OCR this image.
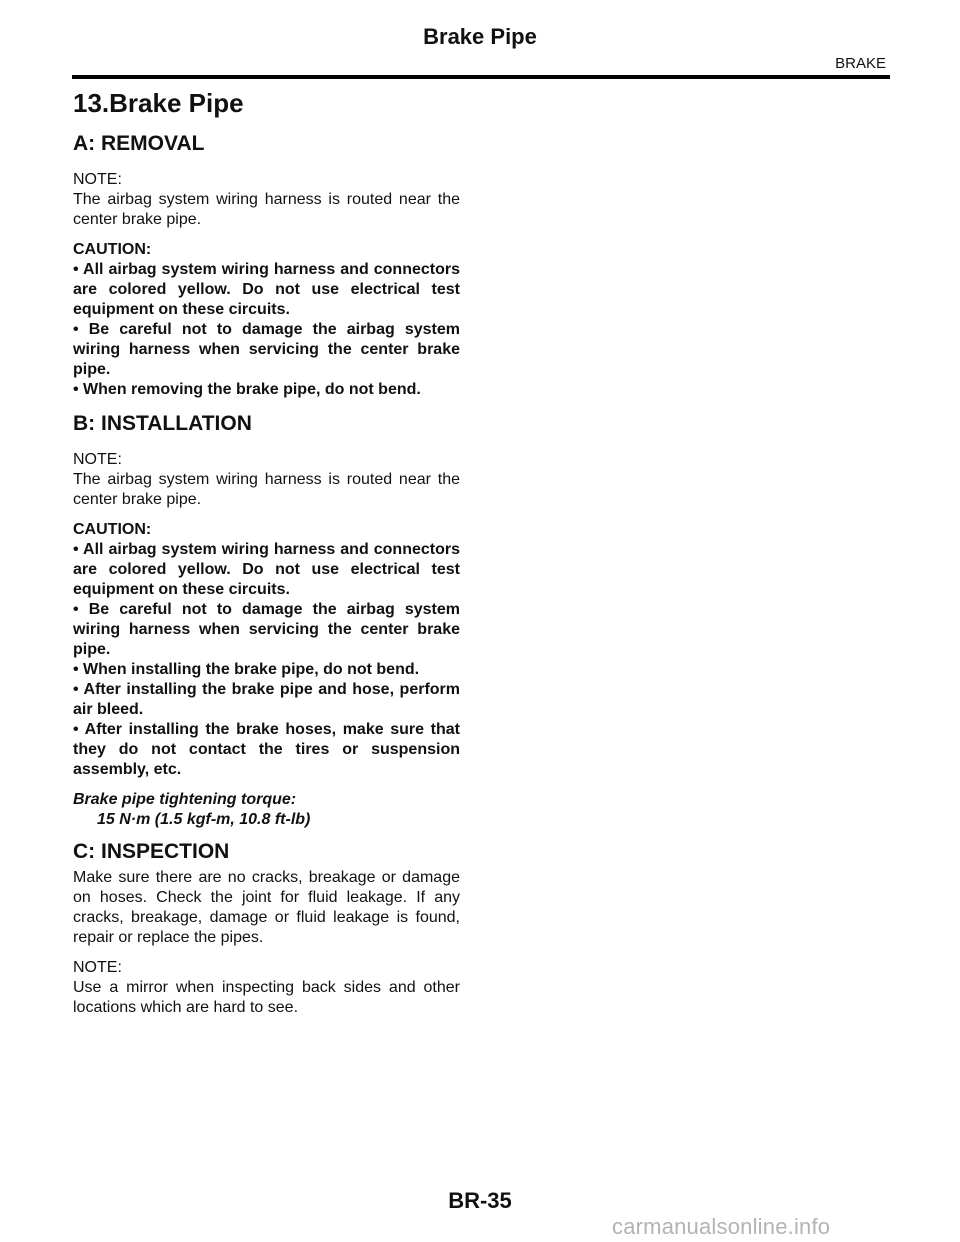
Brake Pipe
BRAKE
13.Brake Pipe
A: REMOVAL
NOTE:
The airbag system wiring harness is routed near the center brake pipe.
CAUTION:
• All airbag system wiring harness and connectors are colored yellow. Do not use electrical test equipment on these circuits.
• Be careful not to damage the airbag system wiring harness when servicing the center brake pipe.
• When removing the brake pipe, do not bend.
B: INSTALLATION
NOTE:
The airbag system wiring harness is routed near the center brake pipe.
CAUTION:
• All airbag system wiring harness and connectors are colored yellow. Do not use electrical test equipment on these circuits.
• Be careful not to damage the airbag system wiring harness when servicing the center brake pipe.
• When installing the brake pipe, do not bend.
• After installing the brake pipe and hose, perform air bleed.
• After installing the brake hoses, make sure that they do not contact the tires or suspension assembly, etc.
Brake pipe tightening torque:
15 N·m (1.5 kgf-m, 10.8 ft-lb)
C: INSPECTION
Make sure there are no cracks, breakage or damage on hoses. Check the joint for fluid leakage. If any cracks, breakage, damage or fluid leakage is found, repair or replace the pipes.
NOTE:
Use a mirror when inspecting back sides and other locations which are hard to see.
BR-35
carmanualsonline.info
